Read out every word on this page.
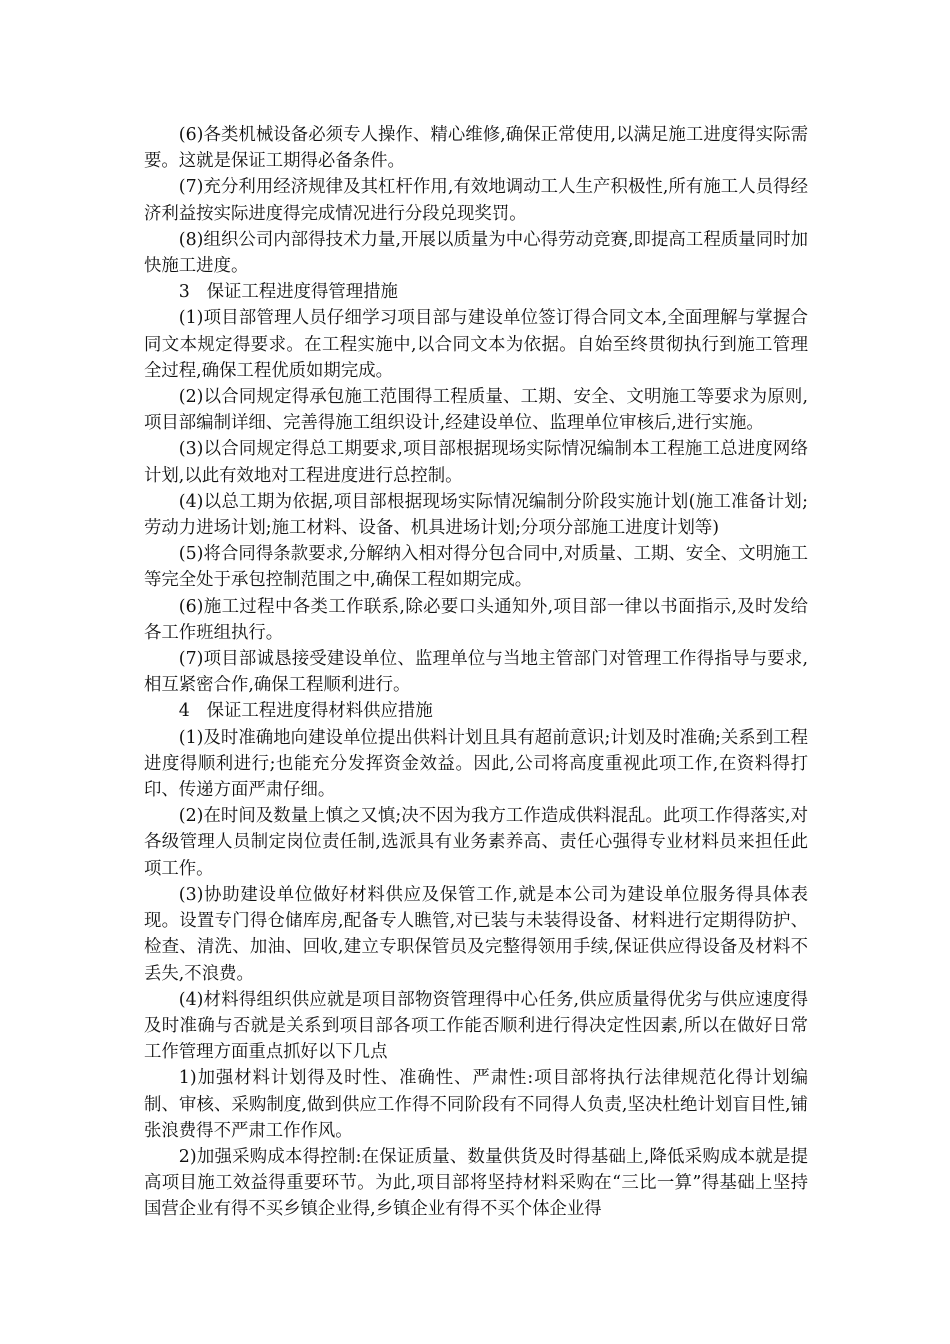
(6)各类机械设备必须专人操作、精心维修,确保正常使用,以满足施工进度得实际需要。这就是保证工期得必备条件。

(7)充分利用经济规律及其杠杆作用,有效地调动工人生产积极性,所有施工人员得经济利益按实际进度得完成情况进行分段兑现奖罚。

(8)组织公司内部得技术力量,开展以质量为中心得劳动竞赛,即提高工程质量同时加快施工进度。

3 保证工程进度得管理措施

(1)项目部管理人员仔细学习项目部与建设单位签订得合同文本,全面理解与掌握合同文本规定得要求。在工程实施中,以合同文本为依据。自始至终贯彻执行到施工管理全过程,确保工程优质如期完成。

(2)以合同规定得承包施工范围得工程质量、工期、安全、文明施工等要求为原则,项目部编制详细、完善得施工组织设计,经建设单位、监理单位审核后,进行实施。

(3)以合同规定得总工期要求,项目部根据现场实际情况编制本工程施工总进度网络计划,以此有效地对工程进度进行总控制。

(4)以总工期为依据,项目部根据现场实际情况编制分阶段实施计划(施工准备计划;劳动力进场计划;施工材料、设备、机具进场计划;分项分部施工进度计划等)

(5)将合同得条款要求,分解纳入相对得分包合同中,对质量、工期、安全、文明施工等完全处于承包控制范围之中,确保工程如期完成。

(6)施工过程中各类工作联系,除必要口头通知外,项目部一律以书面指示,及时发给各工作班组执行。

(7)项目部诚恳接受建设单位、监理单位与当地主管部门对管理工作得指导与要求,相互紧密合作,确保工程顺利进行。

4 保证工程进度得材料供应措施

(1)及时准确地向建设单位提出供料计划且具有超前意识;计划及时准确;关系到工程进度得顺利进行;也能充分发挥资金效益。因此,公司将高度重视此项工作,在资料得打印、传递方面严肃仔细。

(2)在时间及数量上慎之又慎;决不因为我方工作造成供料混乱。此项工作得落实,对各级管理人员制定岗位责任制,选派具有业务素养高、责任心强得专业材料员来担任此项工作。

(3)协助建设单位做好材料供应及保管工作,就是本公司为建设单位服务得具体表现。设置专门得仓储库房,配备专人瞧管,对已装与未装得设备、材料进行定期得防护、检查、清洗、加油、回收,建立专职保管员及完整得领用手续,保证供应得设备及材料不丢失,不浪费。

(4)材料得组织供应就是项目部物资管理得中心任务,供应质量得优劣与供应速度得及时准确与否就是关系到项目部各项工作能否顺利进行得决定性因素,所以在做好日常工作管理方面重点抓好以下几点

1)加强材料计划得及时性、准确性、严肃性:项目部将执行法律规范化得计划编制、审核、采购制度,做到供应工作得不同阶段有不同得人负责,坚决杜绝计划盲目性,铺张浪费得不严肃工作作风。

2)加强采购成本得控制:在保证质量、数量供货及时得基础上,降低采购成本就是提高项目施工效益得重要环节。为此,项目部将坚持材料采购在“三比一算”得基础上坚持国营企业有得不买乡镇企业得,乡镇企业有得不买个体企业得
